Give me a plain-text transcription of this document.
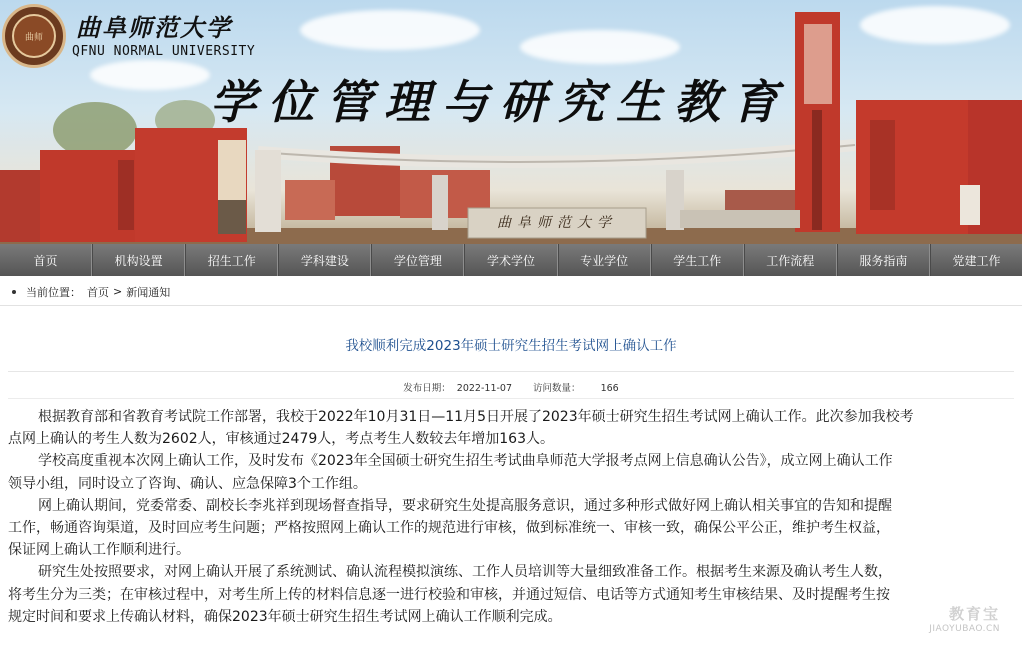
曲师	曲阜师范大学
QFNU NORMAL UNIVERSITY
学位管理与研究生教育
曲阜师范大学
首页	机构设置	招生工作	学科建设	学位管理	学术学位	专业学位	学生工作	工作流程	服务指南	党建工作
当前位置： 首页 > 新闻通知
我校顺利完成2023年硕士研究生招生考试网上确认工作
发布日期： 2022-11-07 访问数量： 166

根据教育部和省教育考试院工作部署，我校于2022年10月31日—11月5日开展了2023年硕士研究生招生考试网上确认工作。此次参加我校考
点网上确认的考生人数为2602人，审核通过2479人，考点考生人数较去年增加163人。

学校高度重视本次网上确认工作，及时发布《2023年全国硕士研究生招生考试曲阜师范大学报考点网上信息确认公告》，成立网上确认工作
领导小组，同时设立了咨询、确认、应急保障3个工作组。

网上确认期间，党委常委、副校长李兆祥到现场督查指导，要求研究生处提高服务意识，通过多种形式做好网上确认相关事宜的告知和提醒
工作，畅通咨询渠道，及时回应考生问题；严格按照网上确认工作的规范进行审核，做到标准统一、审核一致，确保公平公正，维护考生权益，
保证网上确认工作顺利进行。

研究生处按照要求，对网上确认开展了系统测试、确认流程模拟演练、工作人员培训等大量细致准备工作。根据考生来源及确认考生人数，
将考生分为三类；在审核过程中，对考生所上传的材料信息逐一进行校验和审核，并通过短信、电话等方式通知考生审核结果、及时提醒考生按
规定时间和要求上传确认材料，确保2023年硕士研究生招生考试网上确认工作顺利完成。	教育宝
JIAOYUBAO.CN
